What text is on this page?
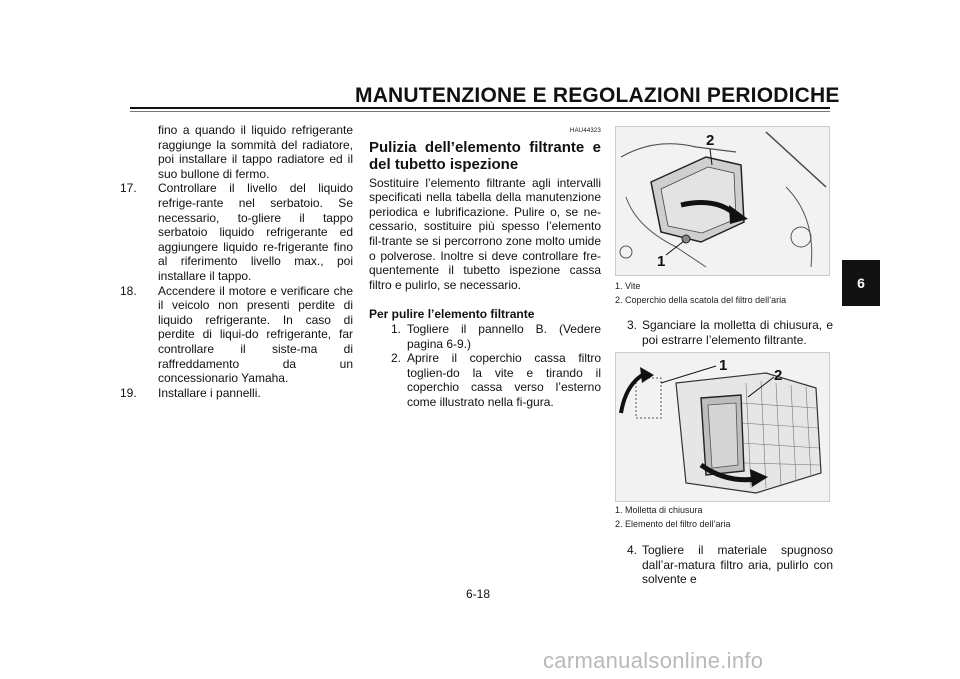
MANUTENZIONE E REGOLAZIONI PERIODICHE

fino a quando il liquido refrigerante raggiunge la sommità del radiatore, poi installare il tappo radiatore ed il suo bullone di fermo.

17.	Controllare il livello del liquido refrige-rante nel serbatoio. Se necessario, to-gliere il tappo serbatoio liquido refrigerante ed aggiungere liquido re-frigerante fino al riferimento livello max., poi installare il tappo.
18.	Accendere il motore e verificare che il veicolo non presenti perdite di liquido refrigerante. In caso di perdite di liqui-do refrigerante, far controllare il siste-ma di raffreddamento da un concessionario Yamaha.
19.	Installare i pannelli.
HAU44323

Pulizia dell’elemento filtrante e del tubetto ispezione

Sostituire l’elemento filtrante agli intervalli specificati nella tabella della manutenzione periodica e lubrificazione. Pulire o, se ne-cessario, sostituire più spesso l’elemento fil-trante se si percorrono zone molto umide o polverose. Inoltre si deve controllare fre-quentemente il tubetto ispezione cassa filtro e pulirlo, se necessario.

Per pulire l’elemento filtrante
1. Togliere il pannello B. (Vedere pagina 6-9.)
2. Aprire il coperchio cassa filtro toglien-do la vite e tirando il coperchio cassa verso l’esterno come illustrato nella fi-gura.
2
1
1. Vite
2. Coperchio della scatola del filtro dell’aria
3. Sganciare la molletta di chiusura, e poi estrarre l’elemento filtrante.
1
2
1. Molletta di chiusura
2. Elemento del filtro dell’aria
4. Togliere il materiale spugnoso dall’ar-matura filtro aria, pulirlo con solvente e
6
6-18
carmanualsonline.info
